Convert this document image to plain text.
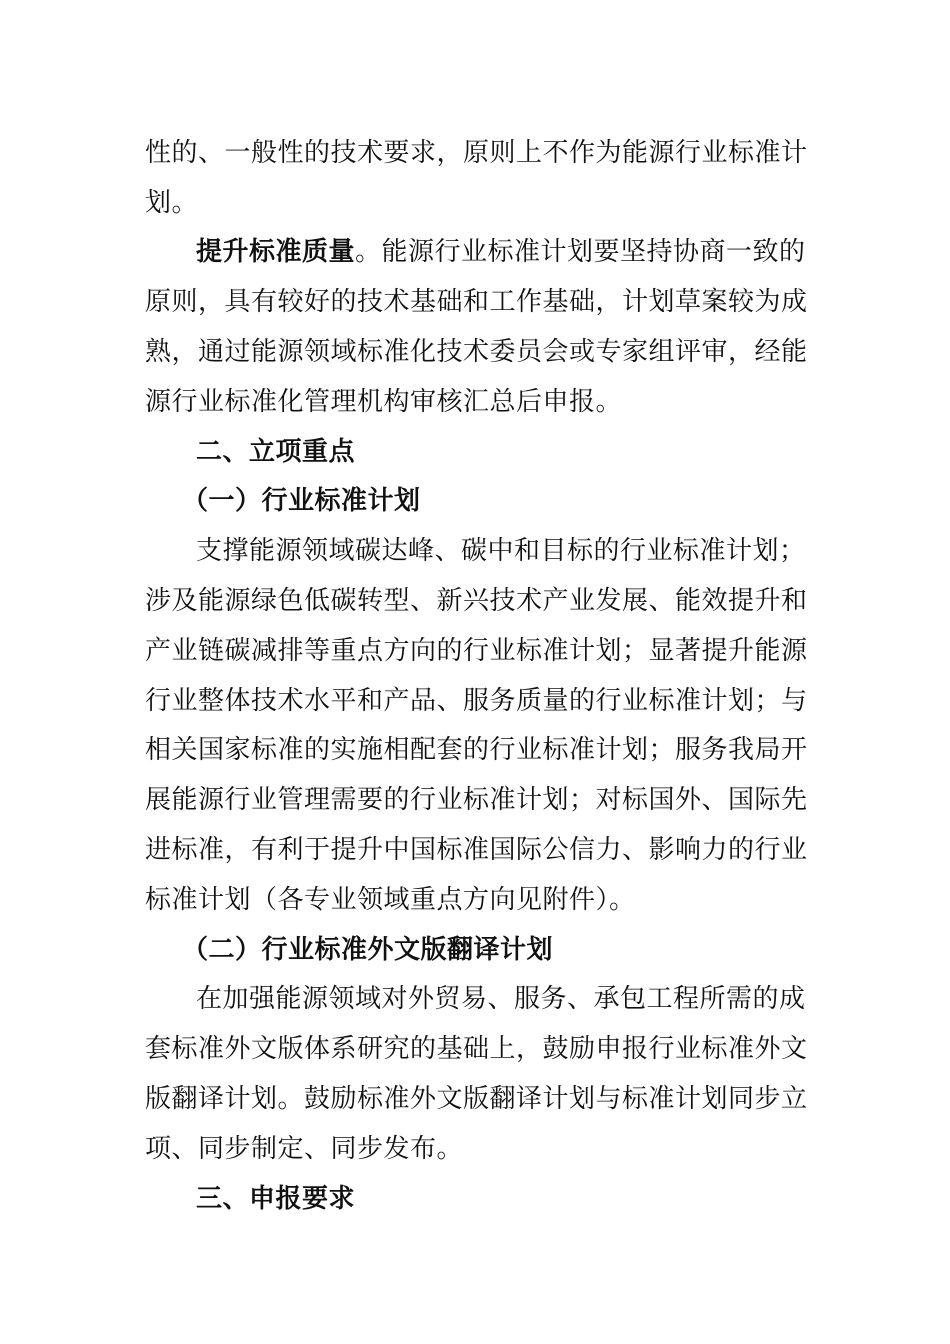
性的、一般性的技术要求，原则上不作为能源行业标准计
划。
提升标准质量。能源行业标准计划要坚持协商一致的
原则，具有较好的技术基础和工作基础，计划草案较为成
熟，通过能源领域标准化技术委员会或专家组评审，经能
源行业标准化管理机构审核汇总后申报。
二、立项重点
（一）行业标准计划
支撑能源领域碳达峰、碳中和目标的行业标准计划；
涉及能源绿色低碳转型、新兴技术产业发展、能效提升和
产业链碳减排等重点方向的行业标准计划；显著提升能源
行业整体技术水平和产品、服务质量的行业标准计划；与
相关国家标准的实施相配套的行业标准计划；服务我局开
展能源行业管理需要的行业标准计划；对标国外、国际先
进标准，有利于提升中国标准国际公信力、影响力的行业
标准计划（各专业领域重点方向见附件）。
（二）行业标准外文版翻译计划
在加强能源领域对外贸易、服务、承包工程所需的成
套标准外文版体系研究的基础上，鼓励申报行业标准外文
版翻译计划。鼓励标准外文版翻译计划与标准计划同步立
项、同步制定、同步发布。
三、申报要求
